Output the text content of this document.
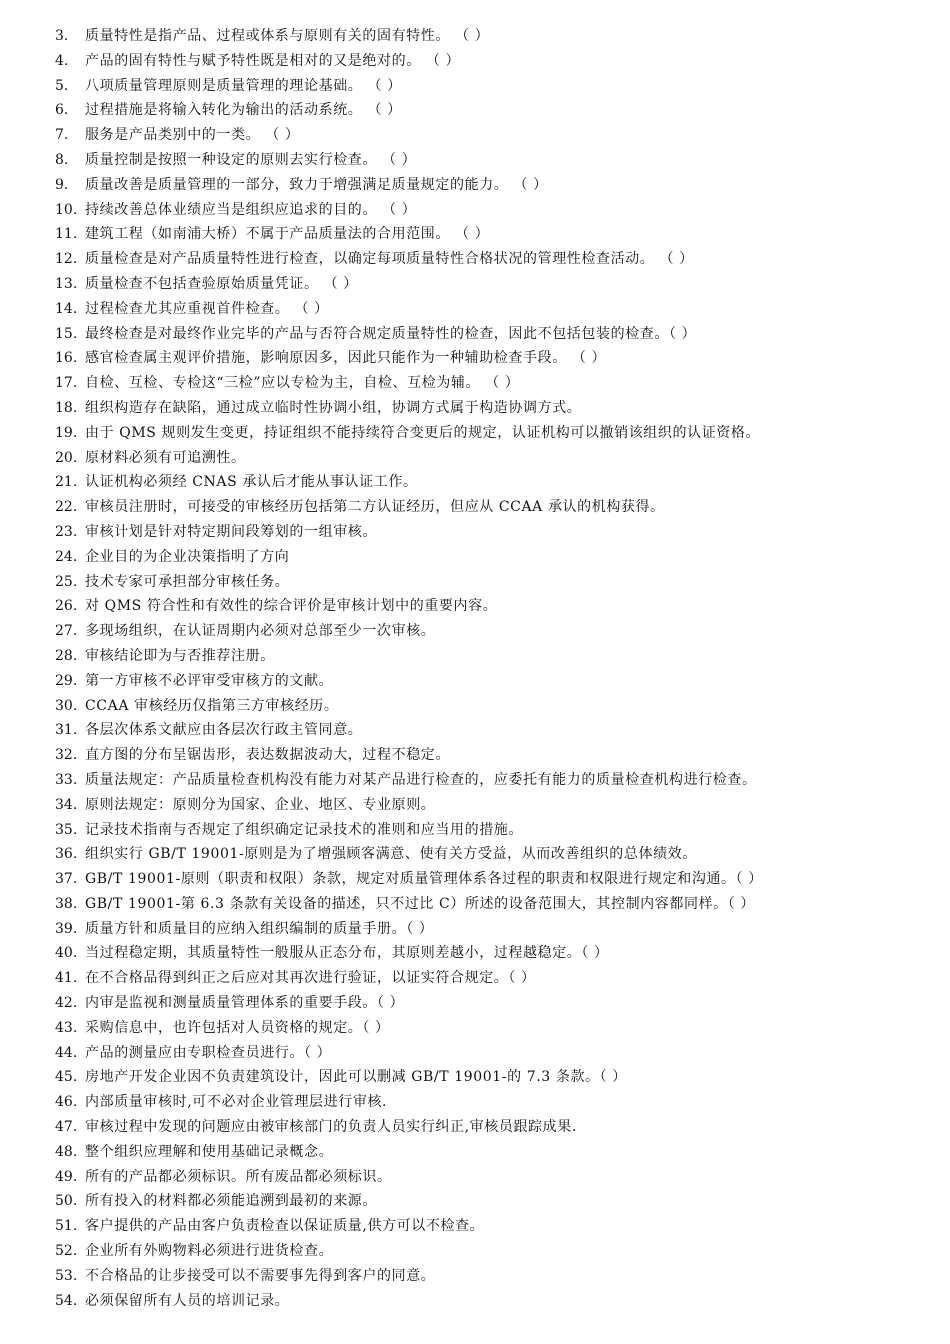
3.	质量特性是指产品、过程或体系与原则有关的固有特性。 （ ）
4.	产品的固有特性与赋予特性既是相对的又是绝对的。 （ ）
5.	八项质量管理原则是质量管理的理论基础。 （ ）
6.	过程措施是将输入转化为输出的活动系统。 （ ）
7.	服务是产品类别中的一类。 （ ）
8.	质量控制是按照一种设定的原则去实行检查。 （ ）
9.	质量改善是质量管理的一部分，致力于增强满足质量规定的能力。 （ ）
10. 持续改善总体业绩应当是组织应追求的目的。 （ ）
11. 建筑工程（如南浦大桥）不属于产品质量法的合用范围。 （ ）
12. 质量检查是对产品质量特性进行检查，以确定每项质量特性合格状况的管理性检查活动。 （ ）
13. 质量检查不包括查验原始质量凭证。 （ ）
14. 过程检查尤其应重视首件检查。 （ ）
15. 最终检查是对最终作业完毕的产品与否符合规定质量特性的检查，因此不包括包装的检查。（ ）
16. 感官检查属主观评价措施，影响原因多，因此只能作为一种辅助检查手段。 （ ）
17. 自检、互检、专检这“三检”应以专检为主，自检、互检为辅。 （ ）
18. 组织构造存在缺陷，通过成立临时性协调小组，协调方式属于构造协调方式。
19. 由于 QMS 规则发生变更，持证组织不能持续符合变更后的规定，认证机构可以撤销该组织的认证资格。
20. 原材料必须有可追溯性。
21. 认证机构必须经 CNAS 承认后才能从事认证工作。
22. 审核员注册时，可接受的审核经历包括第二方认证经历，但应从 CCAA 承认的机构获得。
23. 审核计划是针对特定期间段筹划的一组审核。
24. 企业目的为企业决策指明了方向
25. 技术专家可承担部分审核任务。
26. 对 QMS 符合性和有效性的综合评价是审核计划中的重要内容。
27. 多现场组织，在认证周期内必须对总部至少一次审核。
28. 审核结论即为与否推荐注册。
29. 第一方审核不必评审受审核方的文献。
30. CCAA 审核经历仅指第三方审核经历。
31. 各层次体系文献应由各层次行政主管同意。
32. 直方图的分布呈锯齿形，表达数据波动大，过程不稳定。
33. 质量法规定：产品质量检查机构没有能力对某产品进行检查的，应委托有能力的质量检查机构进行检查。
34. 原则法规定：原则分为国家、企业、地区、专业原则。
35. 记录技术指南与否规定了组织确定记录技术的准则和应当用的措施。
36. 组织实行 GB/T 19001-原则是为了增强顾客满意、使有关方受益，从而改善组织的总体绩效。
37. GB/T 19001-原则（职责和权限）条款，规定对质量管理体系各过程的职责和权限进行规定和沟通。（ ）
38. GB/T 19001-第 6.3 条款有关设备的描述，只不过比 C）所述的设备范围大，其控制内容都同样。（ ）
39. 质量方针和质量目的应纳入组织编制的质量手册。（ ）
40. 当过程稳定期，其质量特性一般服从正态分布，其原则差越小，过程越稳定。（ ）
41. 在不合格品得到纠正之后应对其再次进行验证，以证实符合规定。（ ）
42. 内审是监视和测量质量管理体系的重要手段。（ ）
43. 采购信息中，也许包括对人员资格的规定。（ ）
44. 产品的测量应由专职检查员进行。（ ）
45. 房地产开发企业因不负责建筑设计，因此可以删减 GB/T 19001-的 7.3 条款。（ ）
46. 内部质量审核时,可不必对企业管理层进行审核.
47. 审核过程中发现的问题应由被审核部门的负责人员实行纠正,审核员跟踪成果.
48. 整个组织应理解和使用基础记录概念。
49. 所有的产品都必须标识。所有废品都必须标识。
50. 所有投入的材料都必须能追溯到最初的来源。
51. 客户提供的产品由客户负责检查以保证质量,供方可以不检查。
52. 企业所有外购物料必须进行进货检查。
53. 不合格品的让步接受可以不需要事先得到客户的同意。
54. 必须保留所有人员的培训记录。
